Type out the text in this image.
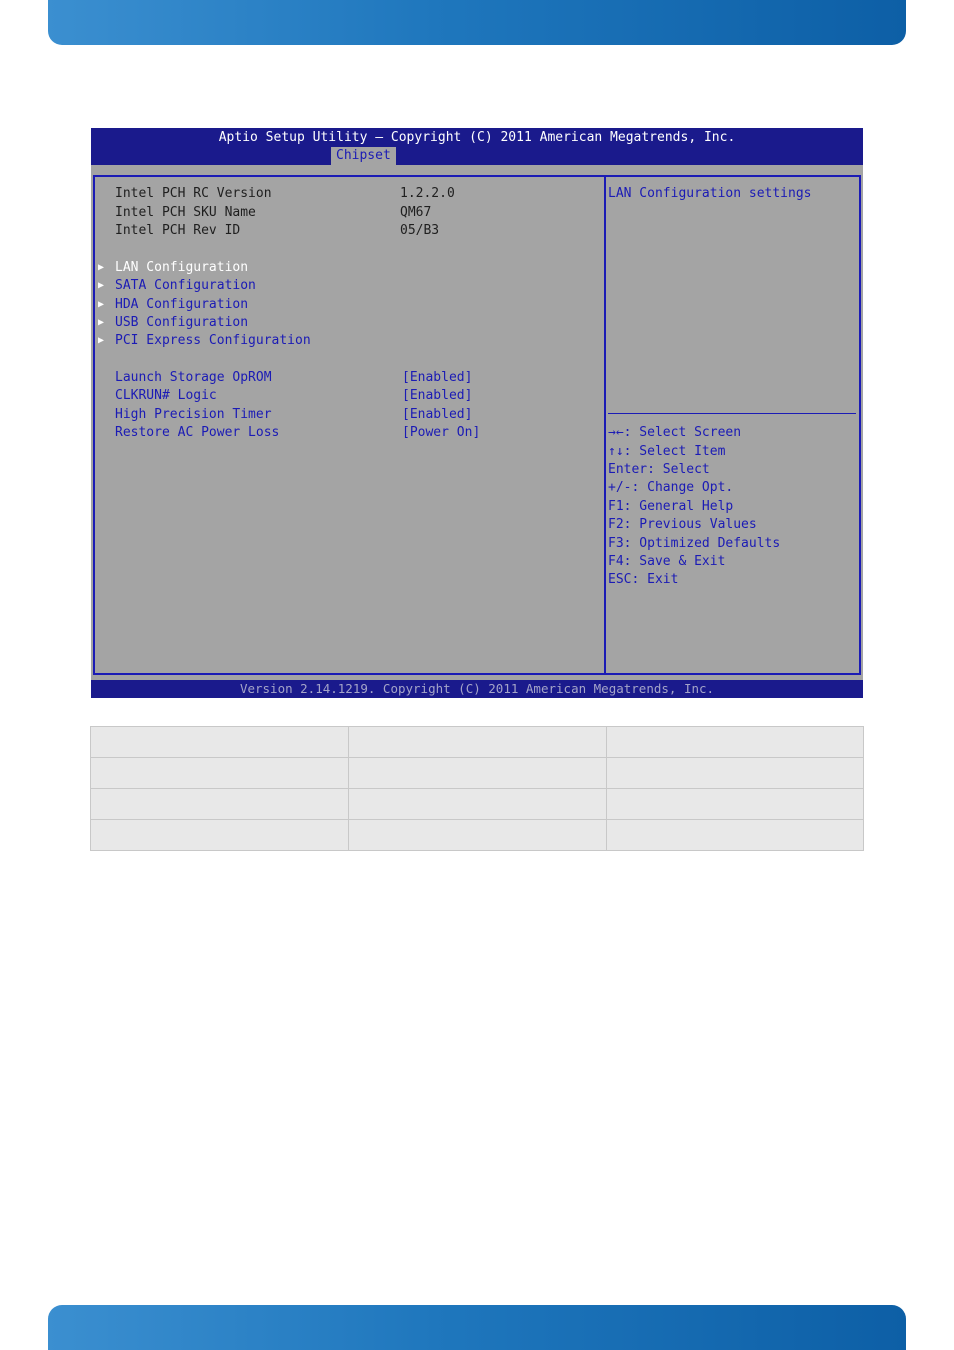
Aptio Setup Utility – Copyright (C) 2011 American Megatrends, Inc.
Chipset
Intel PCH RC Version	1.2.2.0
Intel PCH SKU Name	QM67
Intel PCH Rev ID	05/B3
▶ LAN Configuration
▶ SATA Configuration
▶ HDA Configuration
▶ USB Configuration
▶ PCI Express Configuration
Launch Storage OpROM	[Enabled]
CLKRUN# Logic	[Enabled]
High Precision Timer	[Enabled]
Restore AC Power Loss	[Power On]
LAN Configuration settings
→←: Select Screen
↑↓: Select Item
Enter: Select
+/-: Change Opt.
F1: General Help
F2: Previous Values
F3: Optimized Defaults
F4: Save & Exit
ESC: Exit
Version 2.14.1219. Copyright (C) 2011 American Megatrends, Inc.
